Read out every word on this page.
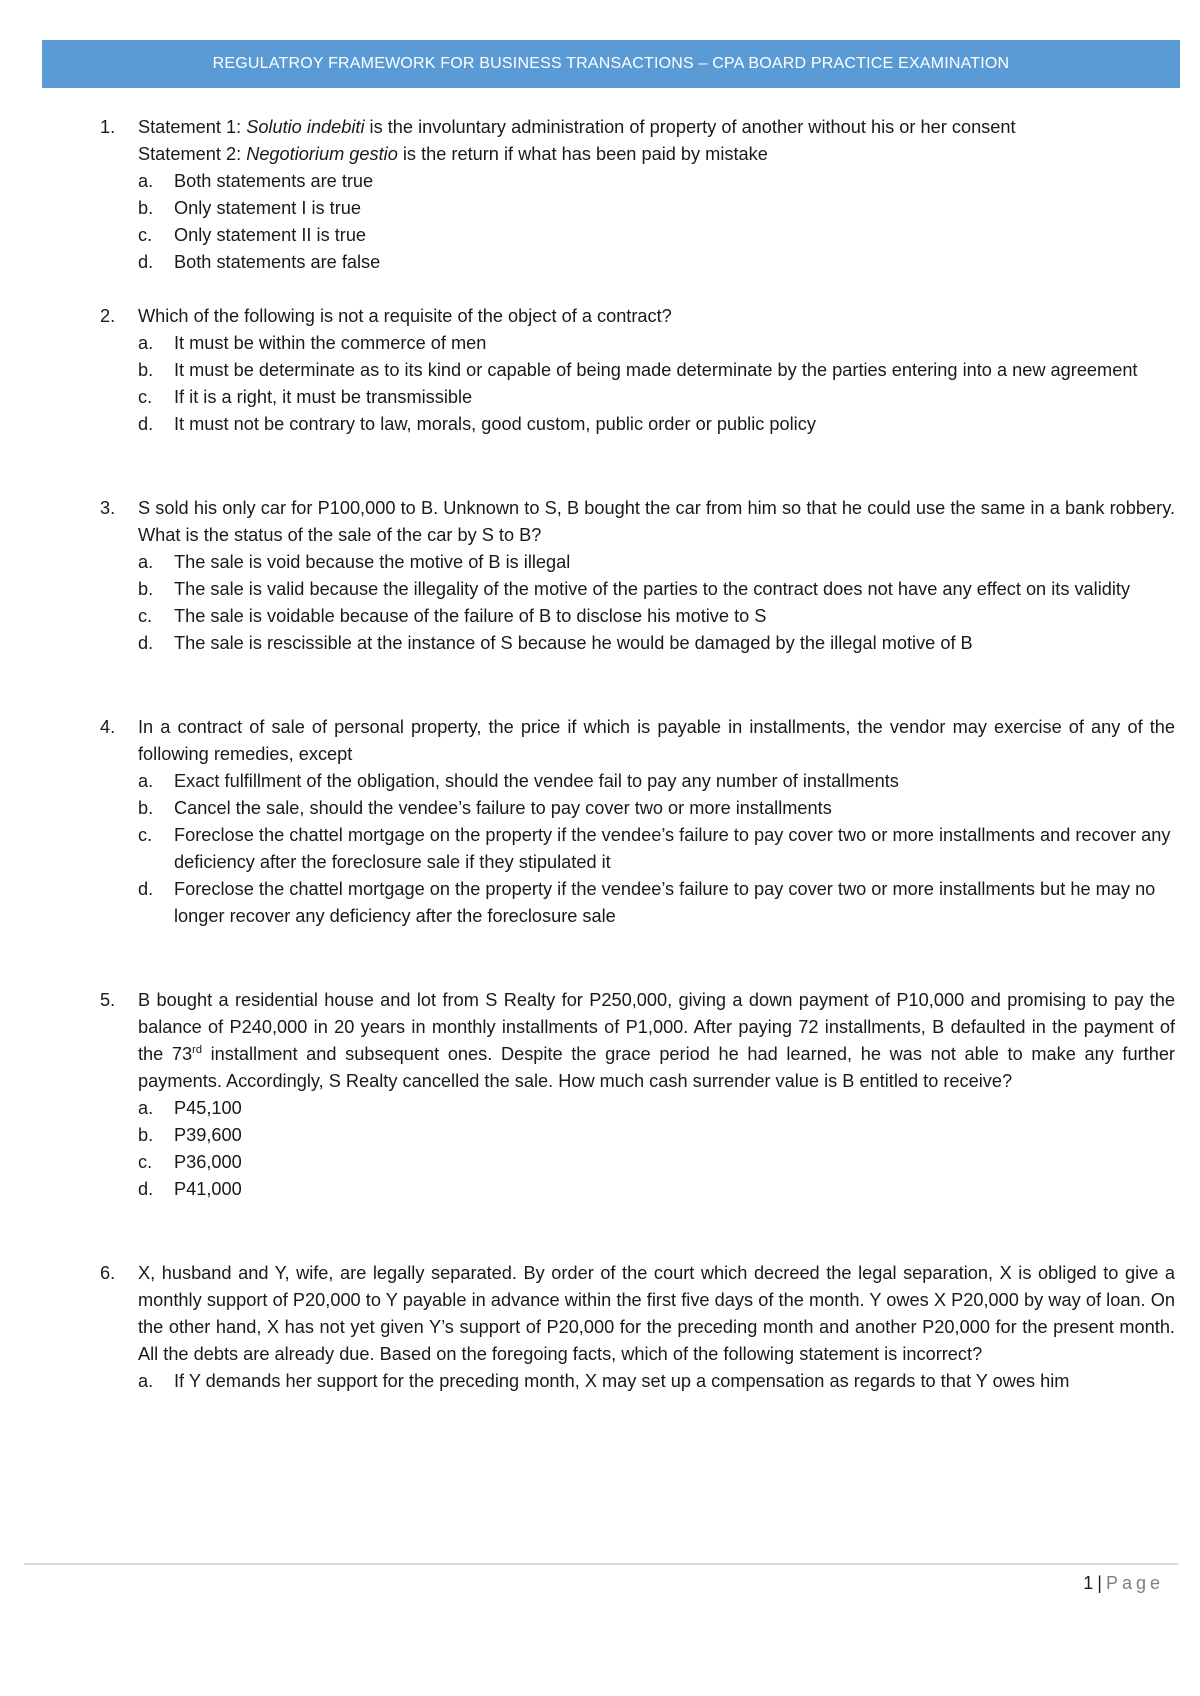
REGULATROY FRAMEWORK FOR BUSINESS TRANSACTIONS – CPA BOARD PRACTICE EXAMINATION
1.	Statement 1: Solutio indebiti is the involuntary administration of property of another without his or her consent
Statement 2: Negotiorium gestio is the return if what has been paid by mistake
a.	Both statements are true
b.	Only statement I is true
c.	Only statement II is true
d.	Both statements are false
2.	Which of the following is not a requisite of the object of a contract?
a.	It must be within the commerce of men
b.	It must be determinate as to its kind or capable of being made determinate by the parties entering into a new agreement
c.	If it is a right, it must be transmissible
d.	It must not be contrary to law, morals, good custom, public order or public policy
3.	S sold his only car for P100,000 to B. Unknown to S, B bought the car from him so that he could use the same in a bank robbery. What is the status of the sale of the car by S to B?
a.	The sale is void because the motive of B is illegal
b.	The sale is valid because the illegality of the motive of the parties to the contract does not have any effect on its validity
c.	The sale is voidable because of the failure of B to disclose his motive to S
d.	The sale is rescissible at the instance of S because he would be damaged by the illegal motive of B
4.	In a contract of sale of personal property, the price if which is payable in installments, the vendor may exercise of any of the following remedies, except
a.	Exact fulfillment of the obligation, should the vendee fail to pay any number of installments
b.	Cancel the sale, should the vendee’s failure to pay cover two or more installments
c.	Foreclose the chattel mortgage on the property if the vendee’s failure to pay cover two or more installments and recover any deficiency after the foreclosure sale if they stipulated it
d.	Foreclose the chattel mortgage on the property if the vendee’s failure to pay cover two or more installments but he may no longer recover any deficiency after the foreclosure sale
5.	B bought a residential house and lot from S Realty for P250,000, giving a down payment of P10,000 and promising to pay the balance of P240,000 in 20 years in monthly installments of P1,000. After paying 72 installments, B defaulted in the payment of the 73rd installment and subsequent ones. Despite the grace period he had learned, he was not able to make any further payments. Accordingly, S Realty cancelled the sale. How much cash surrender value is B entitled to receive?
a.	P45,100
b.	P39,600
c.	P36,000
d.	P41,000
6.	X, husband and Y, wife, are legally separated. By order of the court which decreed the legal separation, X is obliged to give a monthly support of P20,000 to Y payable in advance within the first five days of the month. Y owes X P20,000 by way of loan. On the other hand, X has not yet given Y’s support of P20,000 for the preceding month and another P20,000 for the present month. All the debts are already due. Based on the foregoing facts, which of the following statement is incorrect?
a.	If Y demands her support for the preceding month, X may set up a compensation as regards to that Y owes him
1 | Page
